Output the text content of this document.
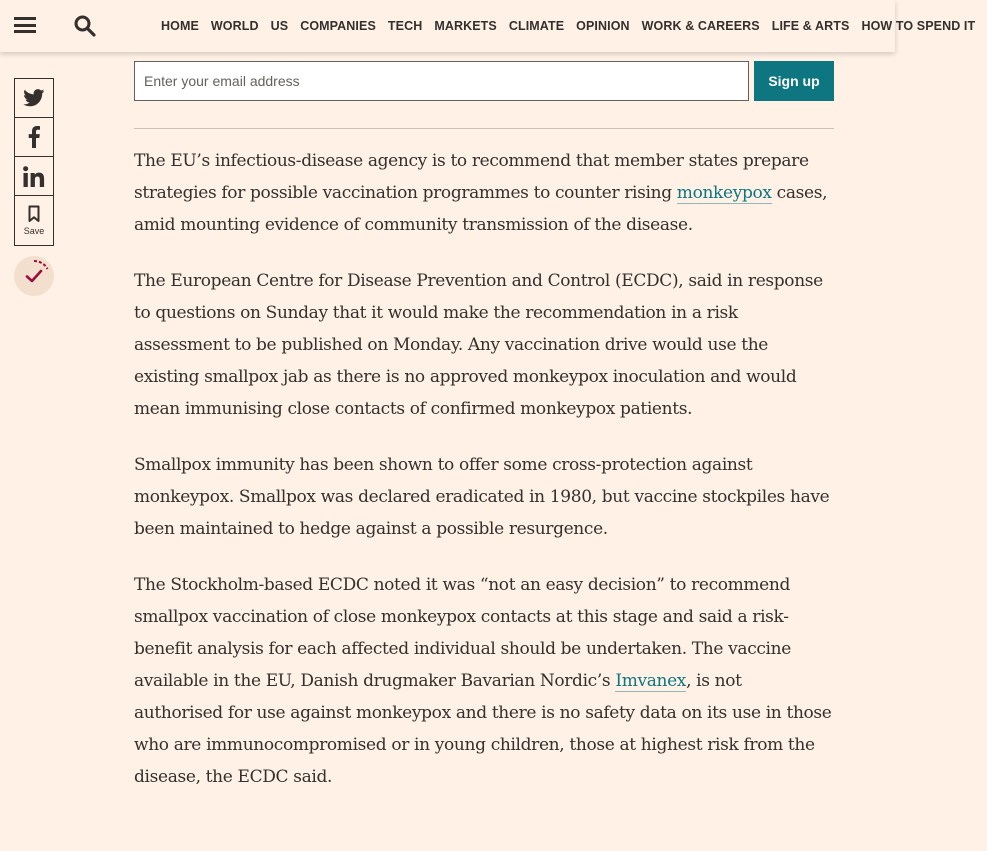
HOME WORLD US COMPANIES TECH MARKETS CLIMATE OPINION WORK & CAREERS LIFE & ARTS HOW TO SPEND IT
Save
Enter your email address
Sign up

The EU’s infectious-disease agency is to recommend that member states prepare strategies for possible vaccination programmes to counter rising monkeypox cases, amid mounting evidence of community transmission of the disease.

The European Centre for Disease Prevention and Control (ECDC), said in response to questions on Sunday that it would make the recommendation in a risk assessment to be published on Monday. Any vaccination drive would use the existing smallpox jab as there is no approved monkeypox inoculation and would mean immunising close contacts of confirmed monkeypox patients.

Smallpox immunity has been shown to offer some cross-protection against monkeypox. Smallpox was declared eradicated in 1980, but vaccine stockpiles have been maintained to hedge against a possible resurgence.

The Stockholm-based ECDC noted it was “not an easy decision” to recommend smallpox vaccination of close monkeypox contacts at this stage and said a risk-benefit analysis for each affected individual should be undertaken. The vaccine available in the EU, Danish drugmaker Bavarian Nordic’s Imvanex, is not authorised for use against monkeypox and there is no safety data on its use in those who are immunocompromised or in young children, those at highest risk from the disease, the ECDC said.
